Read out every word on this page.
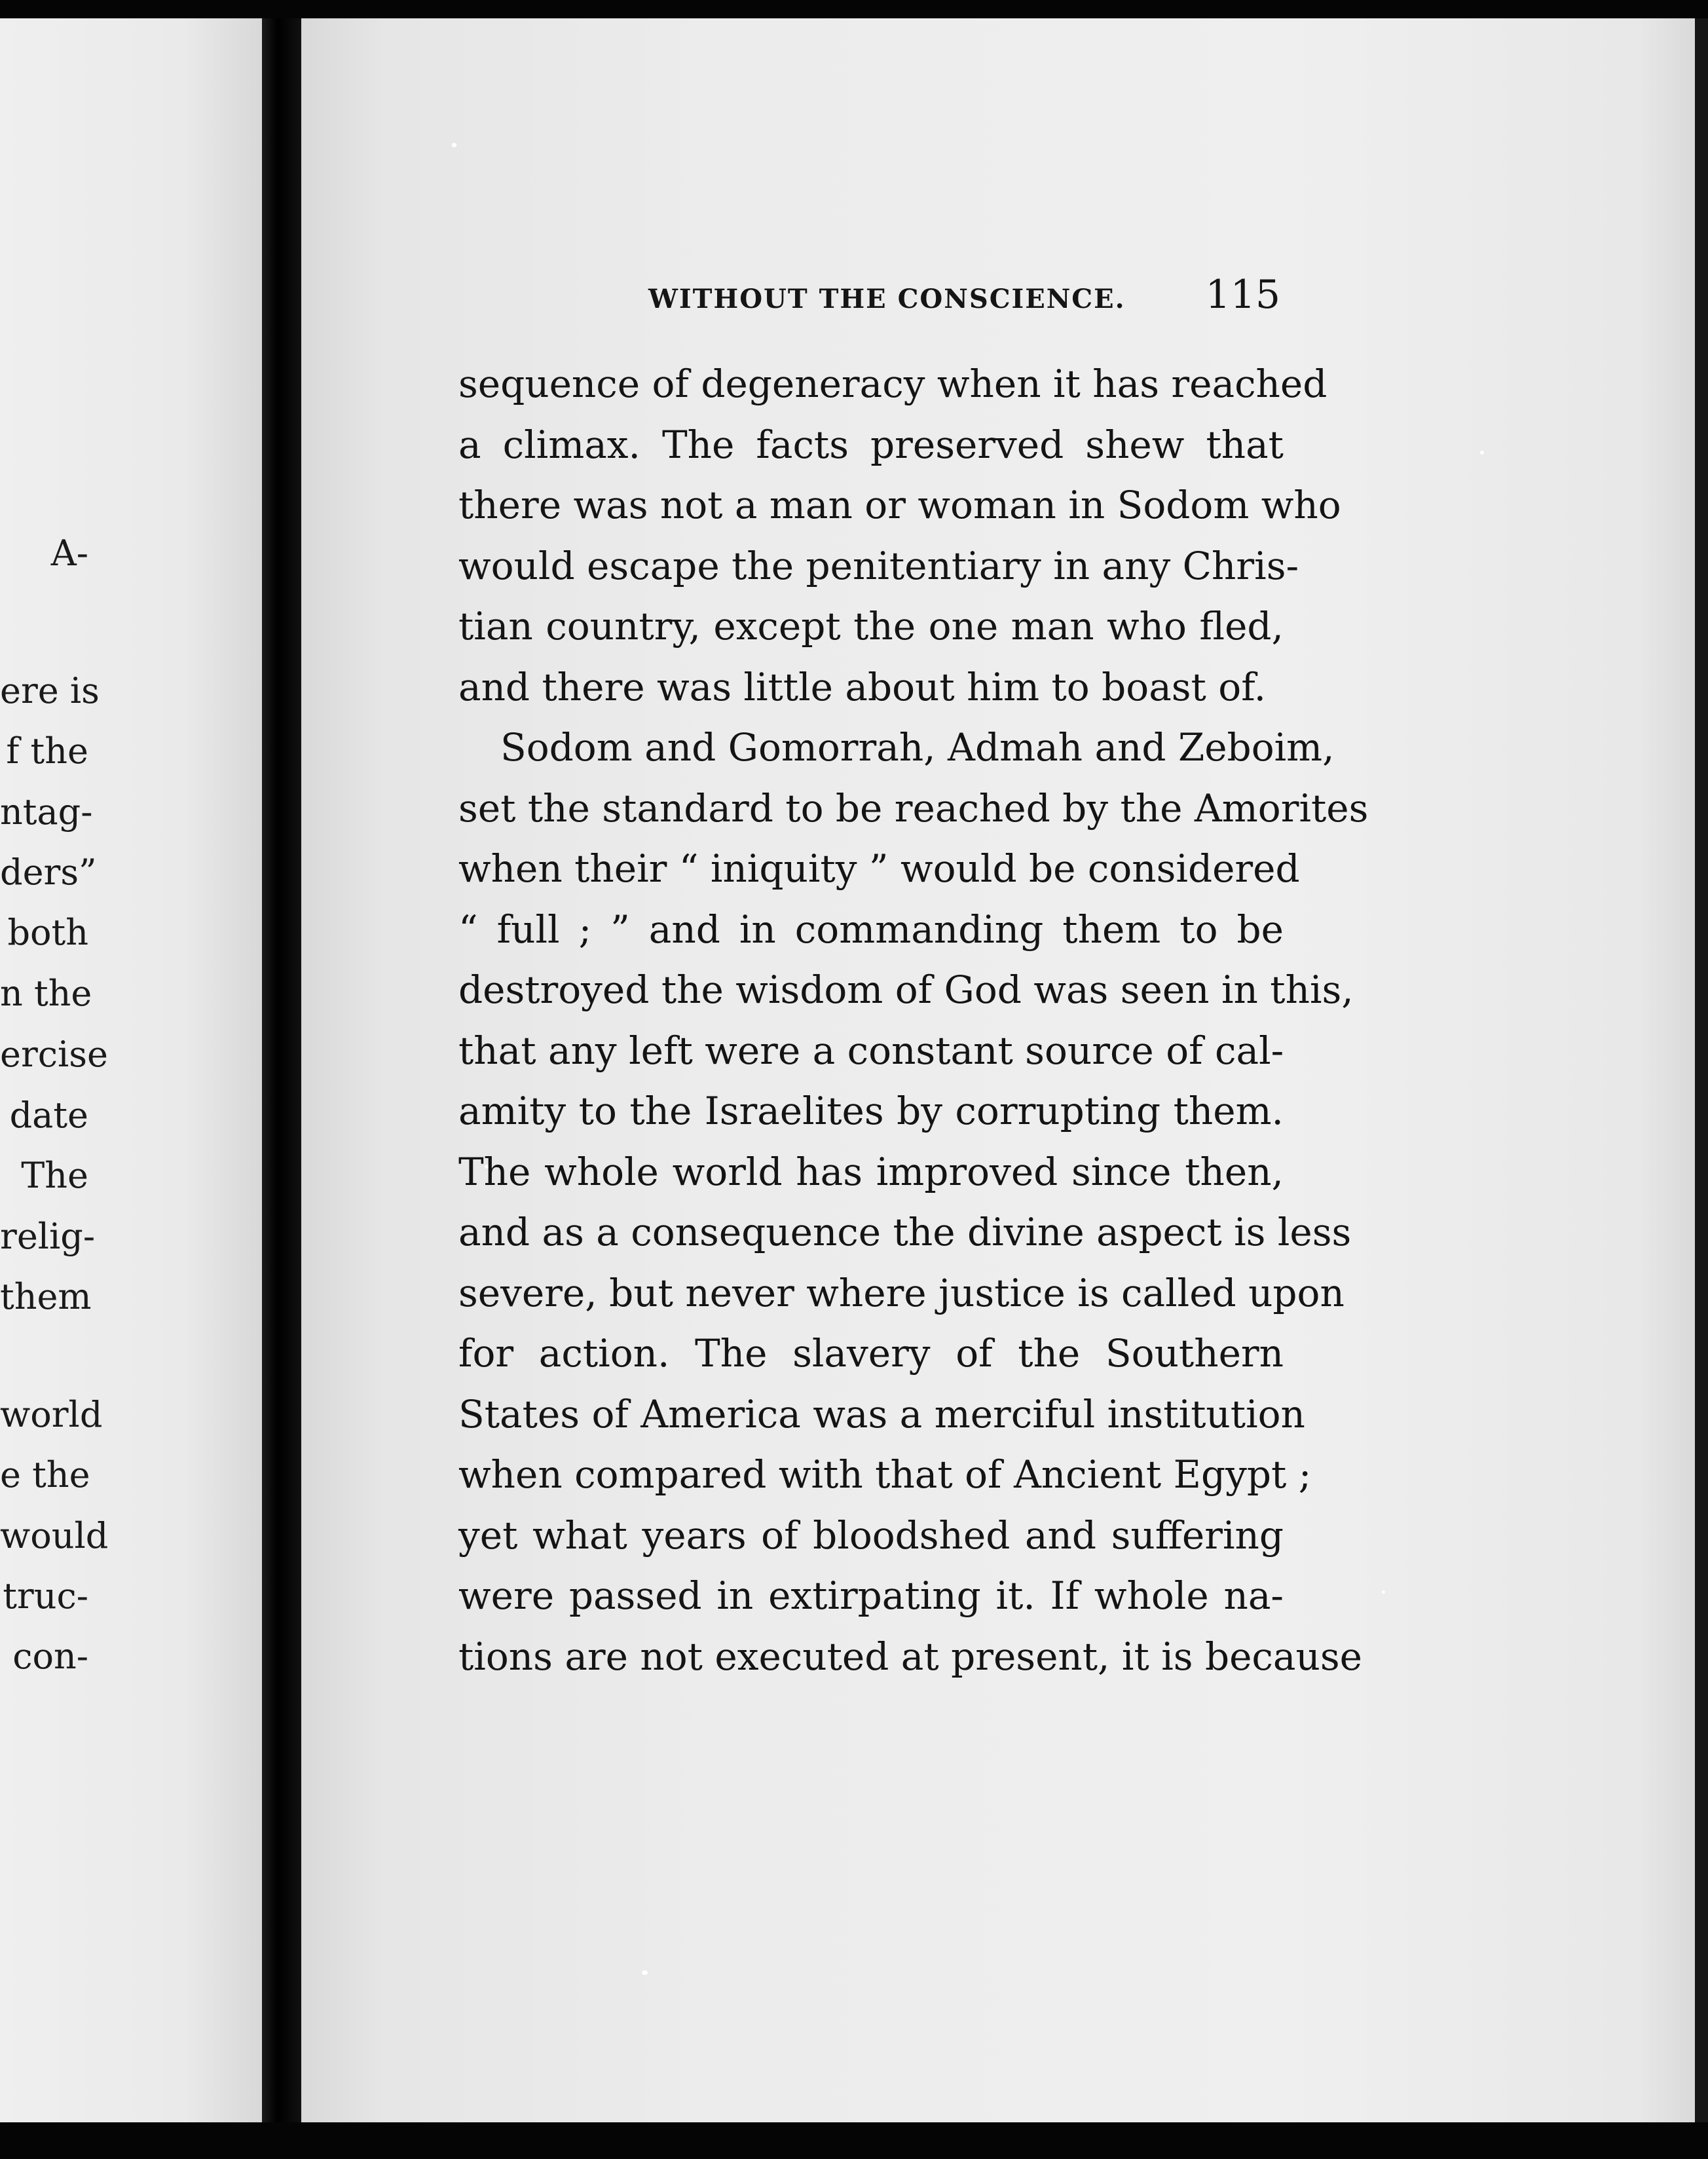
A-
ere is
f the
ntag-
ders”
both
n the
ercise
date
The
relig-
them
world
e the
would
truc-
con-
WITHOUT THE CONSCIENCE. 115
sequence of degeneracy when it has reached
a climax. The facts preserved shew that
there was not a man or woman in Sodom who
would escape the penitentiary in any Chris-
tian country, except the one man who fled,
and there was little about him to boast of.
Sodom and Gomorrah, Admah and Zeboim,
set the standard to be reached by the Amorites
when their “ iniquity ” would be considered
“ full ; ” and in commanding them to be
destroyed the wisdom of God was seen in this,
that any left were a constant source of cal-
amity to the Israelites by corrupting them.
The whole world has improved since then,
and as a consequence the divine aspect is less
severe, but never where justice is called upon
for action. The slavery of the Southern
States of America was a merciful institution
when compared with that of Ancient Egypt ;
yet what years of bloodshed and suffering
were passed in extirpating it. If whole na-
tions are not executed at present, it is because
